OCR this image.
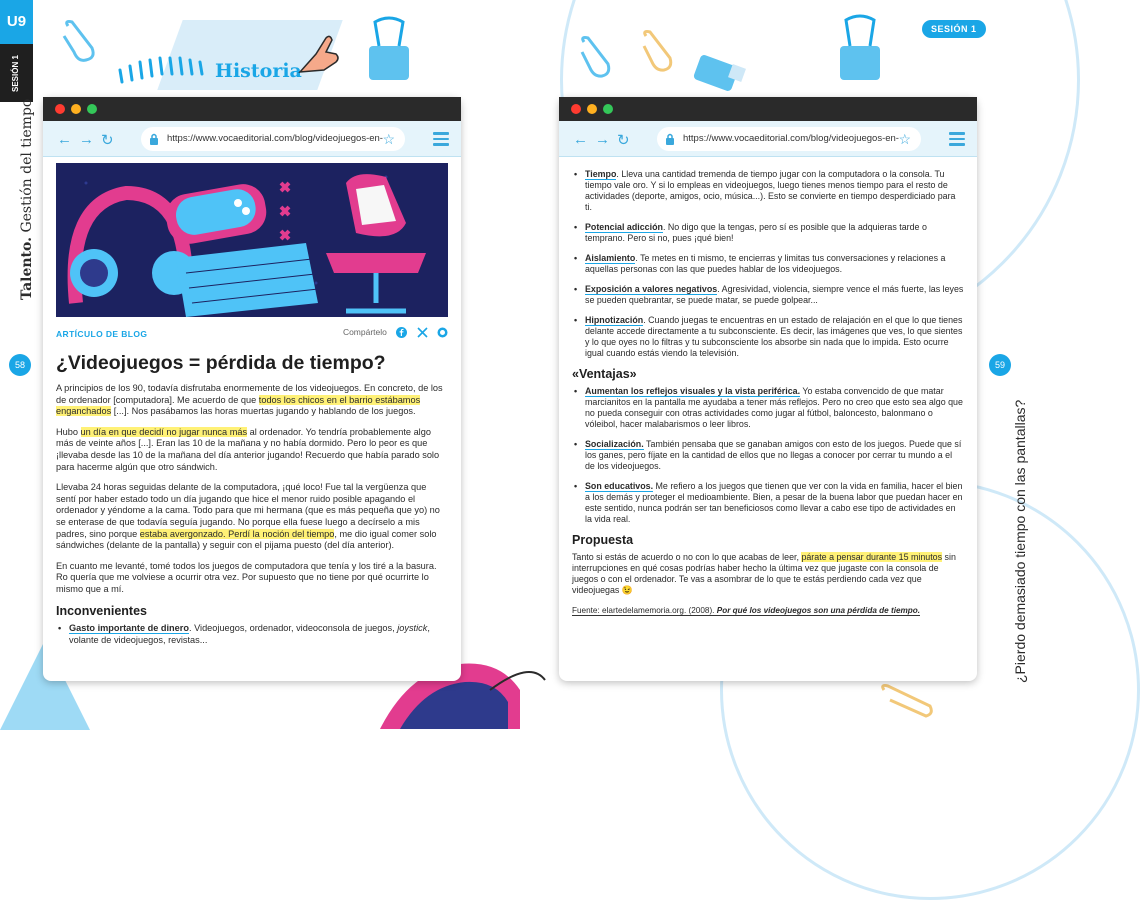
U9
SESIÓN 1
Talento. Gestión del tiempo
58	59
¿Pierdo demasiado tiempo con las pantallas?
Historia
SESIÓN 1
← → ↻	https://www.vocaeditorial.com/blog/videojuegos-en- ☆
ARTÍCULO DE BLOG	Compártelo
¿Videojuegos = pérdida de tiempo?

A principios de los 90, todavía disfrutaba enormemente de los videojuegos. En concreto, de los de ordenador [computadora]. Me acuerdo de que todos los chicos en el barrio estábamos enganchados [...]. Nos pasábamos las horas muertas jugando y hablando de los juegos.

Hubo un día en que decidí no jugar nunca más al ordenador. Yo tendría probablemente algo más de veinte años [...]. Eran las 10 de la mañana y no había dormido. Pero lo peor es que ¡llevaba desde las 10 de la mañana del día anterior jugando! Recuerdo que había parado solo para hacerme algún que otro sándwich.

Llevaba 24 horas seguidas delante de la computadora, ¡qué loco! Fue tal la vergüenza que sentí por haber estado todo un día jugando que hice el menor ruido posible apagando el ordenador y yéndome a la cama. Todo para que mi hermana (que es más pequeña que yo) no se enterase de que todavía seguía jugando. No porque ella fuese luego a decírselo a mis padres, sino porque estaba avergonzado. Perdí la noción del tiempo, me dio igual comer solo sándwiches (delante de la pantalla) y seguir con el pijama puesto (del día anterior).

En cuanto me levanté, tomé todos los juegos de computadora que tenía y los tiré a la basura. Ro quería que me volviese a ocurrir otra vez. Por supuesto que no tiene por qué ocurrirte lo mismo que a mí.

Inconvenientes
• Gasto importante de dinero. Videojuegos, ordenador, videoconsola de juegos, joystick, volante de videojuegos, revistas...
← → ↻	https://www.vocaeditorial.com/blog/videojuegos-en- ☆
• Tiempo. Lleva una cantidad tremenda de tiempo jugar con la computadora o la consola. Tu tiempo vale oro. Y si lo empleas en videojuegos, luego tienes menos tiempo para el resto de actividades (deporte, amigos, ocio, música...). Esto se convierte en tiempo desperdiciado para ti.
• Potencial adicción. No digo que la tengas, pero sí es posible que la adquieras tarde o temprano. Pero si no, pues ¡qué bien!
• Aislamiento. Te metes en ti mismo, te encierras y limitas tus conversaciones y relaciones a aquellas personas con las que puedes hablar de los videojuegos.
• Exposición a valores negativos. Agresividad, violencia, siempre vence el más fuerte, las leyes se pueden quebrantar, se puede matar, se puede golpear...
• Hipnotización. Cuando juegas te encuentras en un estado de relajación en el que lo que tienes delante accede directamente a tu subconsciente. Es decir, las imágenes que ves, lo que sientes y lo que oyes no lo filtras y tu subconsciente los absorbe sin nada que lo impida. Esto ocurre igual cuando estás viendo la televisión.
«Ventajas»
• Aumentan los reflejos visuales y la vista periférica. Yo estaba convencido de que matar marcianitos en la pantalla me ayudaba a tener más reflejos. Pero no creo que esto sea algo que no pueda conseguir con otras actividades como jugar al fútbol, baloncesto, balonmano o vóleibol, hacer malabarismos o leer libros.
• Socialización. También pensaba que se ganaban amigos con esto de los juegos. Puede que sí los ganes, pero fíjate en la cantidad de ellos que no llegas a conocer por cerrar tu mundo a el de los videojuegos.
• Son educativos. Me refiero a los juegos que tienen que ver con la vida en familia, hacer el bien a los demás y proteger el medioambiente. Bien, a pesar de la buena labor que puedan hacer en este sentido, nunca podrán ser tan beneficiosos como llevar a cabo ese tipo de actividades en la vida real.
Propuesta

Tanto si estás de acuerdo o no con lo que acabas de leer, párate a pensar durante 15 minutos sin interrupciones en qué cosas podrías haber hecho la última vez que jugaste con la consola de juegos o con el ordenador. Te vas a asombrar de lo que te estás perdiendo cada vez que videojuegas 😉

Fuente: elartedelamemoria.org. (2008). Por qué los videojuegos son una pérdida de tiempo.
